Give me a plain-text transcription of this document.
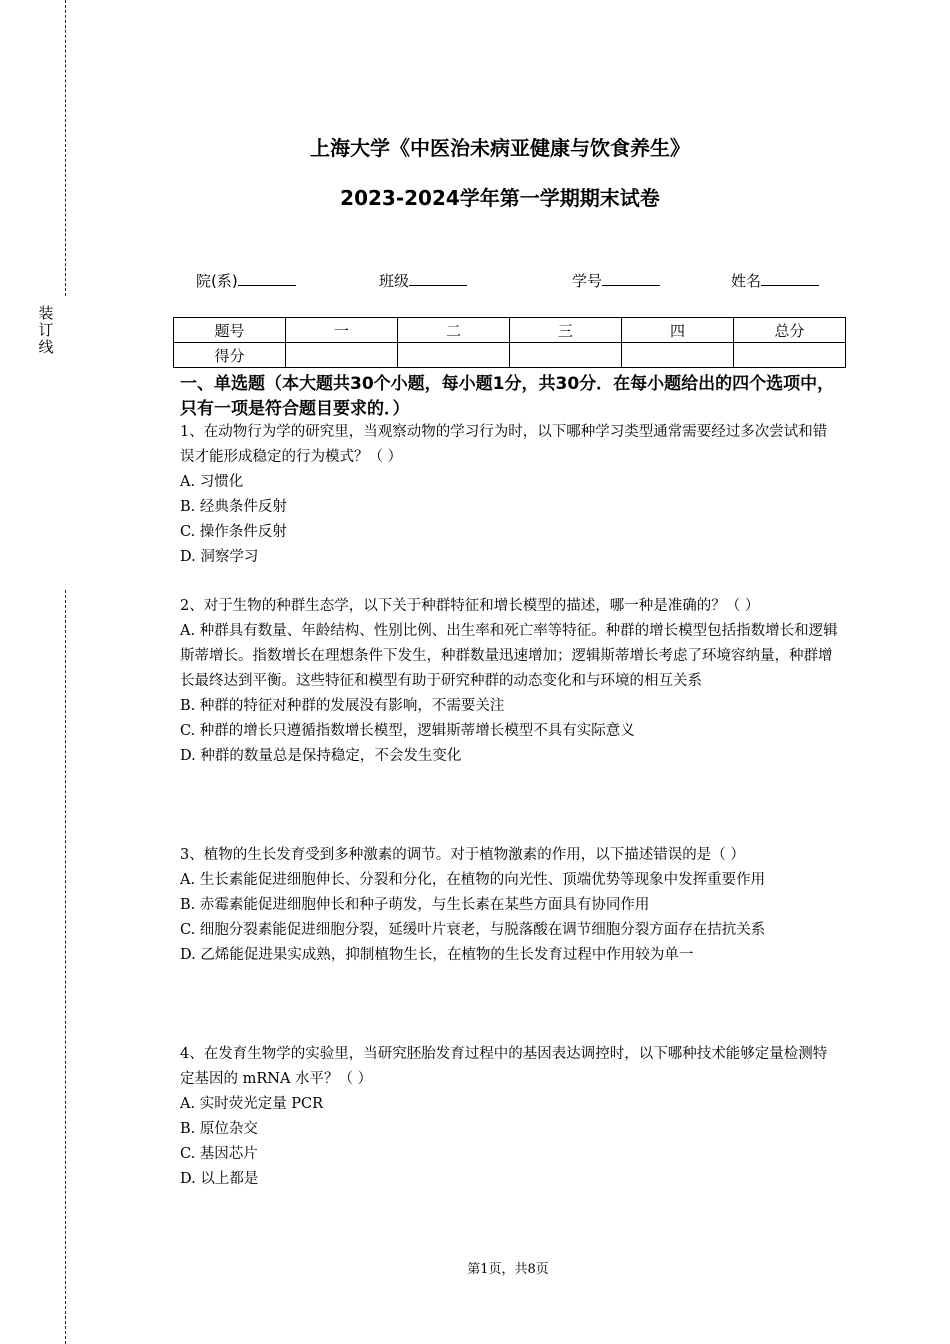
装
订
线
上海大学《中医治未病亚健康与饮食养生》
2023-2024学年第一学期期末试卷
院(系)	班级	学号	姓名
题号	一	二	三	四	总分
得分					
一、单选题（本大题共30个小题，每小题1分，共30分．在每小题给出的四个选项中，只有一项是符合题目要求的．）

1、在动物行为学的研究里，当观察动物的学习行为时，以下哪种学习类型通常需要经过多次尝试和错误才能形成稳定的行为模式？（ ）

A. 习惯化

B. 经典条件反射

C. 操作条件反射

D. 洞察学习

2、对于生物的种群生态学，以下关于种群特征和增长模型的描述，哪一种是准确的？（ ）

A. 种群具有数量、年龄结构、性别比例、出生率和死亡率等特征。种群的增长模型包括指数增长和逻辑斯蒂增长。指数增长在理想条件下发生，种群数量迅速增加；逻辑斯蒂增长考虑了环境容纳量，种群增长最终达到平衡。这些特征和模型有助于研究种群的动态变化和与环境的相互关系

B. 种群的特征对种群的发展没有影响，不需要关注

C. 种群的增长只遵循指数增长模型，逻辑斯蒂增长模型不具有实际意义

D. 种群的数量总是保持稳定，不会发生变化

3、植物的生长发育受到多种激素的调节。对于植物激素的作用，以下描述错误的是（ ）

A. 生长素能促进细胞伸长、分裂和分化，在植物的向光性、顶端优势等现象中发挥重要作用

B. 赤霉素能促进细胞伸长和种子萌发，与生长素在某些方面具有协同作用

C. 细胞分裂素能促进细胞分裂，延缓叶片衰老，与脱落酸在调节细胞分裂方面存在拮抗关系

D. 乙烯能促进果实成熟，抑制植物生长，在植物的生长发育过程中作用较为单一

4、在发育生物学的实验里，当研究胚胎发育过程中的基因表达调控时，以下哪种技术能够定量检测特定基因的 mRNA 水平？（ ）

A. 实时荧光定量 PCR

B. 原位杂交

C. 基因芯片

D. 以上都是

第1页，共8页
